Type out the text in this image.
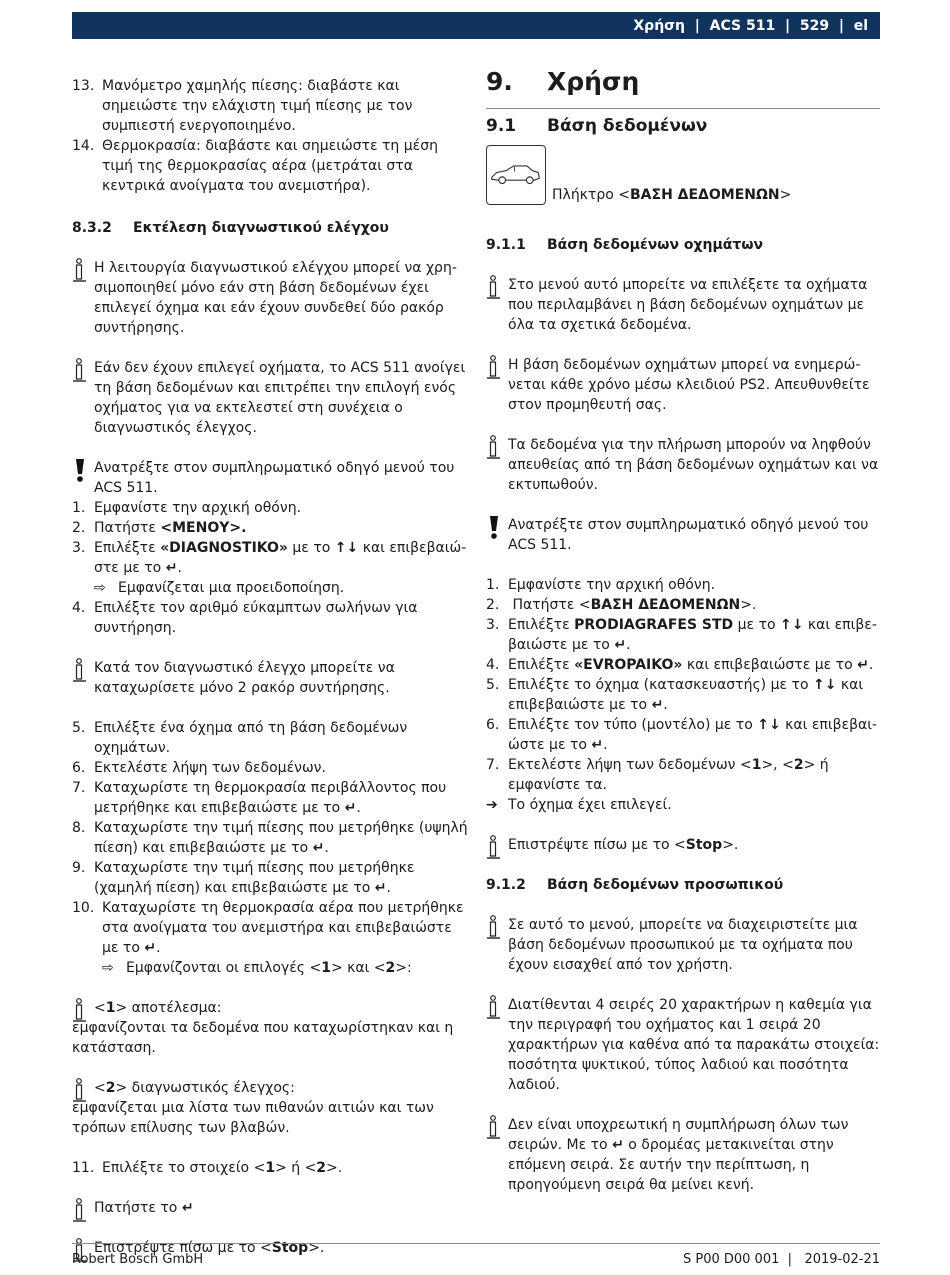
Χρήση
|
ACS 511
|
529
|
el
13. Μανόμετρο χαμηλής πίεσης: διαβάστε και σημειώστε την ελάχιστη τιμή πίεσης με τον συμπιεστή ενεργοποιημένο.
14. Θερμοκρασία: διαβάστε και σημειώστε τη μέση τιμή της θερμοκρασίας αέρα (μετράται στα κεντρικά ανοίγματα του ανεμιστήρα).
8.3.2	Εκτέλεση διαγνωστικού ελέγχου
Η λειτουργία διαγνωστικού ελέγχου μπορεί να χρησιμοποιηθεί μόνο εάν στη βάση δεδομένων έχει επιλεγεί όχημα και εάν έχουν συνδεθεί δύο ρακόρ συντήρησης.
Εάν δεν έχουν επιλεγεί οχήματα, το ACS 511 ανοίγει τη βάση δεδομένων και επιτρέπει την επιλογή ενός οχήματος για να εκτελεστεί στη συνέχεια ο διαγνωστικός έλεγχος.
Ανατρέξτε στον συμπληρωματικό οδηγό μενού του ACS 511.
1. Εμφανίστε την αρχική οθόνη.
2. Πατήστε <ΜΕΝΟΥ>.
3. Επιλέξτε «DIAGNOSTIKO» με το ↑↓ και επιβεβαιώστε με το ↵.
⇨ Εμφανίζεται μια προειδοποίηση.
4. Επιλέξτε τον αριθμό εύκαμπτων σωλήνων για συντήρηση.
Κατά τον διαγνωστικό έλεγχο μπορείτε να καταχωρίσετε μόνο 2 ρακόρ συντήρησης.
5. Επιλέξτε ένα όχημα από τη βάση δεδομένων οχημάτων.
6. Εκτελέστε λήψη των δεδομένων.
7. Καταχωρίστε τη θερμοκρασία περιβάλλοντος που μετρήθηκε και επιβεβαιώστε με το ↵.
8. Καταχωρίστε την τιμή πίεσης που μετρήθηκε (υψηλή πίεση) και επιβεβαιώστε με το ↵.
9. Καταχωρίστε την τιμή πίεσης που μετρήθηκε (χαμηλή πίεση) και επιβεβαιώστε με το ↵.
10. Καταχωρίστε τη θερμοκρασία αέρα που μετρήθηκε στα ανοίγματα του ανεμιστήρα και επιβεβαιώστε με το ↵.
⇨ Εμφανίζονται οι επιλογές <1> και <2>:
<1> αποτέλεσμα:
εμφανίζονται τα δεδομένα που καταχωρίστηκαν και η κατάσταση.
<2> διαγνωστικός έλεγχος:
εμφανίζεται μια λίστα των πιθανών αιτιών και των τρόπων επίλυσης των βλαβών.
11. Επιλέξτε το στοιχείο <1> ή <2>.
Πατήστε το ↵
Επιστρέψτε πίσω με το <Stop>.
9.	Χρήση
9.1	Βάση δεδομένων
Πλήκτρο <ΒΑΣΗ ΔΕΔΟΜΕΝΩΝ>
9.1.1	Βάση δεδομένων οχημάτων
Στο μενού αυτό μπορείτε να επιλέξετε τα οχήματα που περιλαμβάνει η βάση δεδομένων οχημάτων με όλα τα σχετικά δεδομένα.
Η βάση δεδομένων οχημάτων μπορεί να ενημερώνεται κάθε χρόνο μέσω κλειδιού PS2. Απευθυνθείτε στον προμηθευτή σας.
Τα δεδομένα για την πλήρωση μπορούν να ληφθούν απευθείας από τη βάση δεδομένων οχημάτων και να εκτυπωθούν.
Ανατρέξτε στον συμπληρωματικό οδηγό μενού του ACS 511.
1. Εμφανίστε την αρχική οθόνη.
2. Πατήστε <ΒΑΣΗ ΔΕΔΟΜΕΝΩΝ>.
3. Επιλέξτε PRODIAGRAFES STD με το ↑↓ και επιβεβαιώστε με το ↵.
4. Επιλέξτε «EVROPAIKO» και επιβεβαιώστε με το ↵.
5. Επιλέξτε το όχημα (κατασκευαστής) με το ↑↓ και επιβεβαιώστε με το ↵.
6. Επιλέξτε τον τύπο (μοντέλο) με το ↑↓ και επιβεβαιώστε με το ↵.
7. Εκτελέστε λήψη των δεδομένων <1>, <2> ή εμφανίστε τα.
➔ Το όχημα έχει επιλεγεί.
Επιστρέψτε πίσω με το <Stop>.
9.1.2	Βάση δεδομένων προσωπικού
Σε αυτό το μενού, μπορείτε να διαχειριστείτε μια βάση δεδομένων προσωπικού με τα οχήματα που έχουν εισαχθεί από τον χρήστη.
Διατίθενται 4 σειρές 20 χαρακτήρων η καθεμία για την περιγραφή του οχήματος και 1 σειρά 20 χαρακτήρων για καθένα από τα παρακάτω στοιχεία: ποσότητα ψυκτικού, τύπος λαδιού και ποσότητα λαδιού.
Δεν είναι υποχρεωτική η συμπλήρωση όλων των σειρών. Με το ↵ ο δρομέας μετακινείται στην επόμενη σειρά. Σε αυτήν την περίπτωση, η προηγούμενη σειρά θα μείνει κενή.
Robert Bosch GmbH	S P00 D00 001 | 2019-02-21
